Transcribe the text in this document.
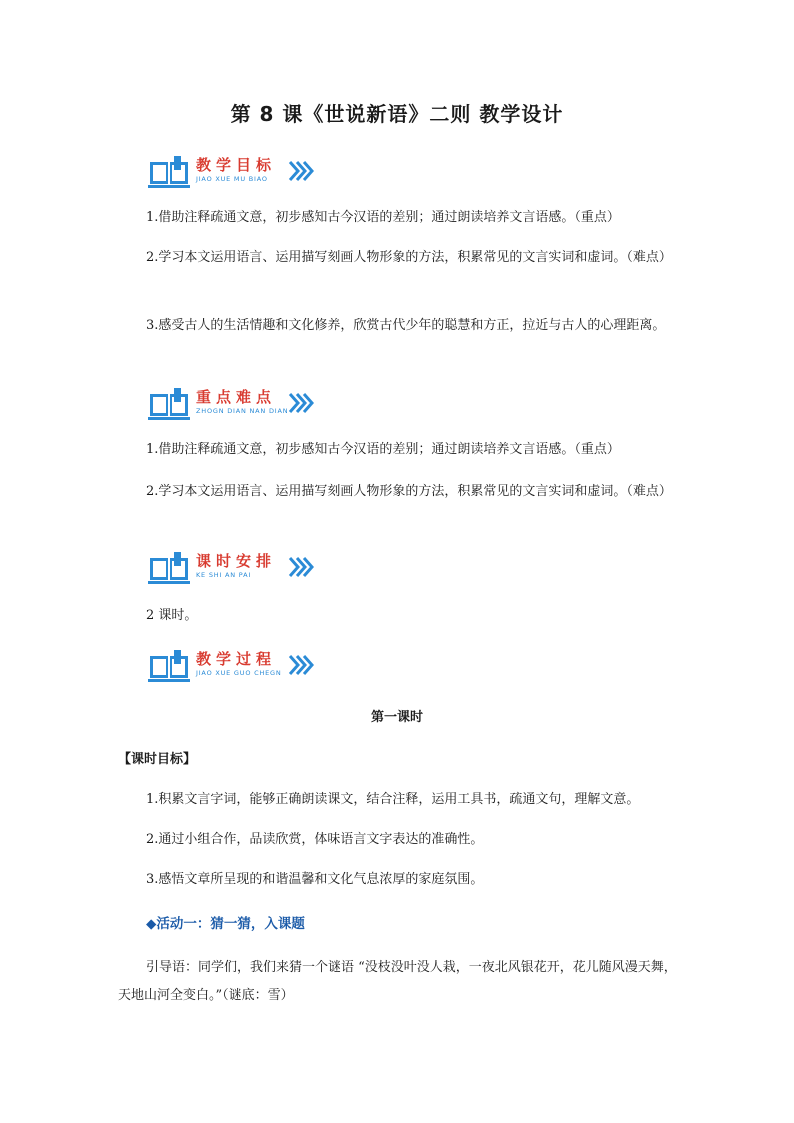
第 8 课《世说新语》二则 教学设计
教学目标
JIAO XUE MU BIAO

1.借助注释疏通文意，初步感知古今汉语的差别；通过朗读培养文言语感。（重点）

2.学习本文运用语言、运用描写刻画人物形象的方法，积累常见的文言实词和虚词。（难点）

3.感受古人的生活情趣和文化修养，欣赏古代少年的聪慧和方正，拉近与古人的心理距离。

重点难点
ZHOGN DIAN NAN DIAN

1.借助注释疏通文意，初步感知古今汉语的差别；通过朗读培养文言语感。（重点）

2.学习本文运用语言、运用描写刻画人物形象的方法，积累常见的文言实词和虚词。（难点）

课时安排
KE SHI AN PAI

2 课时。

教学过程
JIAO XUE GUO CHEGN
第一课时
【课时目标】

1.积累文言字词，能够正确朗读课文，结合注释，运用工具书，疏通文句，理解文意。

2.通过小组合作，品读欣赏，体味语言文字表达的准确性。

3.感悟文章所呈现的和谐温馨和文化气息浓厚的家庭氛围。

◆活动一：猜一猜，入课题

引导语：同学们，我们来猜一个谜语 “没枝没叶没人栽，一夜北风银花开，花儿随风漫天舞，天地山河全变白。”（谜底：雪）
